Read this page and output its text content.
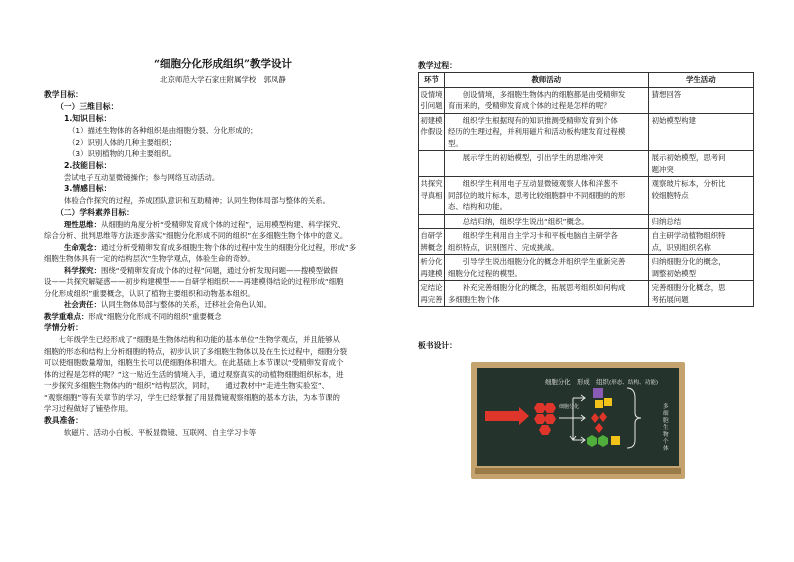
“细胞分化形成组织”教学设计
北京师范大学石家庄附属学校　郭凤静
教学目标：
（一）三维目标：
1.知识目标：
（1）描述生物体的各种组织是由细胞分裂、分化形成的；
（2）识别人体的几种主要组织；
（3）识别植物的几种主要组织。
2.技能目标：
尝试电子互动显微镜操作；参与网络互动活动。
3.情感目标：
体验合作探究的过程，养成团队意识和互助精神；认同生物体局部与整体的关系。
（二）学科素养目标：
理性思维：从细胞的角度分析“受精卵发育成个体的过程”，运用模型构建、科学探究、
综合分析、批判思维等方法逐步落实“细胞分化形成不同的组织”在多细胞生物个体中的意义。
生命观念：通过分析受精卵发育成多细胞生物个体的过程中发生的细胞分化过程，形成“多
细胞生物体具有一定的结构层次”生物学观点，体验生命的奇妙。
科学探究：围绕“受精卵发育成个体的过程”问题，通过分析发现问题——搜模型做假
设——共探究解疑惑——初步构建模型——自研学相组织——再建模得结论的过程形成“细胞
分化形成组织”重要概念，认识了植物主要组织和动物基本组织。
社会责任：认同生物体局部与整体的关系，迁移社会角色认知。
教学重难点：形成“细胞分化形成不同的组织”重要概念
学情分析：
　　七年级学生已经形成了“细胞是生物体结构和功能的基本单位”生物学观点，并且能够从
细胞的形态和结构上分析细胞的特点，初步认识了多细胞生物体以及在生长过程中，细胞分裂
可以使细胞数量增加，细胞生长可以使细胞体积增大。在此基础上本节课以“受精卵发育成个
体的过程是怎样的呢？”这一贴近生活的情境入手，通过观察真实的动植物细胞组织标本，进
一步探究多细胞生物体内的“组织”结构层次，同时，　　通过教材中“走进生物实验室”、
“观察细胞”等有关章节的学习，学生已经掌握了用显微镜观察细胞的基本方法，为本节课的
学习过程做好了铺垫作用。
教具准备：
软磁片、活动小白板、平板显微镜、互联网、自主学习卡等
教学过程：
环节	教师活动	学生活动

设情境
引问题	　　创设情境，多细胞生物体内的细胞都是由受精卵发
育而来的，受精卵发育成个体的过程是怎样的呢？	猜想回答

初建模
作假设	　　组织学生根据现有的知识推测受精卵发育到个体
经历的生理过程，并利用磁片和活动板构建发育过程模
型。	初始模型构建

	　　展示学生的初始模型，引出学生的思维冲突	展示初始模型，思考问
题冲突

共探究
寻真相	　　组织学生利用电子互动显微镜观察人体和洋葱不
同部位的玻片标本，思考比较细胞群中不同细胞的的形
态、结构和功能。	观察玻片标本，分析比
较细胞特点

	　　总结归纳，组织学生说出“组织”概念。	归纳总结

自研学
辨概念	　　组织学生利用自主学习卡和平板电脑自主研学各
组织特点，识别图片、完成挑战。	自主研学动植物组织特
点，识别组织名称

析分化
再建模	　　引导学生说出细胞分化的概念并组织学生重新完善
细胞分化过程的模型。	归纳细胞分化的概念，
调整初始模型

定结论
再完善	　　补充完善细胞分化的概念，拓展思考组织如何构成
多细胞生物个体	完善细胞分化概念，思
考拓展问题
板书设计：
细胞分化　形成　组织 (形态、结构、功能)
细胞分化	多细胞生物个体
